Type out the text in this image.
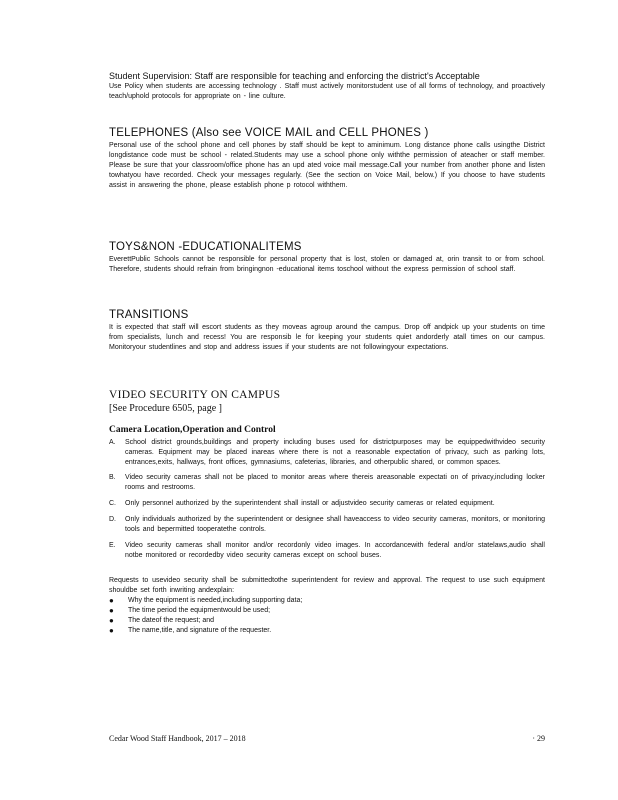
Student Supervision: Staff are responsible for teaching and enforcing the district's Acceptable

Use Policy when students are accessing technology . Staff must actively monitorstudent use of all forms of technology, and proactively teach/uphold protocols for appropriate on - line culture.

TELEPHONES (Also see VOICE MAIL and CELL PHONES )

Personal use of the school phone and cell phones by staff should be kept to aminimum. Long distance phone calls usingthe District longdistance code must be school - related.Students may use a school phone only withthe permission of ateacher or staff member. Please be sure that your classroom/office phone has an upd ated voice mail message.Call your number from another phone and listen towhatyou have recorded. Check your messages regularly. (See the section on Voice Mail, below.) If you choose to have students assist in answering the phone, please establish phone p rotocol withthem.

TOYS&NON -EDUCATIONALITEMS

EverettPublic Schools cannot be responsible for personal property that is lost, stolen or damaged at, orin transit to or from school. Therefore, students should refrain from bringingnon -educational items toschool without the express permission of school staff.

TRANSITIONS

It is expected that staff will escort students as they moveas agroup around the campus. Drop off andpick up your students on time from specialists, lunch and recess! You are responsib le for keeping your students quiet andorderly atall times on our campus. Monitoryour studentlines and stop and address issues if your students are not followingyour expectations.

VIDEO SECURITY ON CAMPUS

[See Procedure 6505, page ]

Camera Location,Operation and Control

A. School district grounds,buildings and property including buses used for districtpurposes may be equippedwithvideo security cameras. Equipment may be placed inareas where there is not a reasonable expectation of privacy, such as parking lots, entrances,exits, hallways, front offices, gymnasiums, cafeterias, libraries, and otherpublic shared, or common spaces.
B. Video security cameras shall not be placed to monitor areas where thereis areasonable expectati on of privacy,including locker rooms and restrooms.
C. Only personnel authorized by the superintendent shall install or adjustvideo security cameras or related equipment.
D. Only individuals authorized by the superintendent or designee shall haveaccess to video security cameras, monitors, or monitoring tools and bepermitted tooperatethe controls.
E. Video security cameras shall monitor and/or recordonly video images. In accordancewith federal and/or statelaws,audio shall notbe monitored or recordedby video security cameras except on school buses.

Requests to usevideo security shall be submittedtothe superintendent for review and approval. The request to use such equipment shouldbe set forth inwriting andexplain:

● Why the equipment is needed,including supporting data;
● The time period the equipmentwould be used;
● The dateof the request; and
● The name,title, and signature of the requester.
Cedar Wood Staff Handbook, 2017 – 2018	· 29
